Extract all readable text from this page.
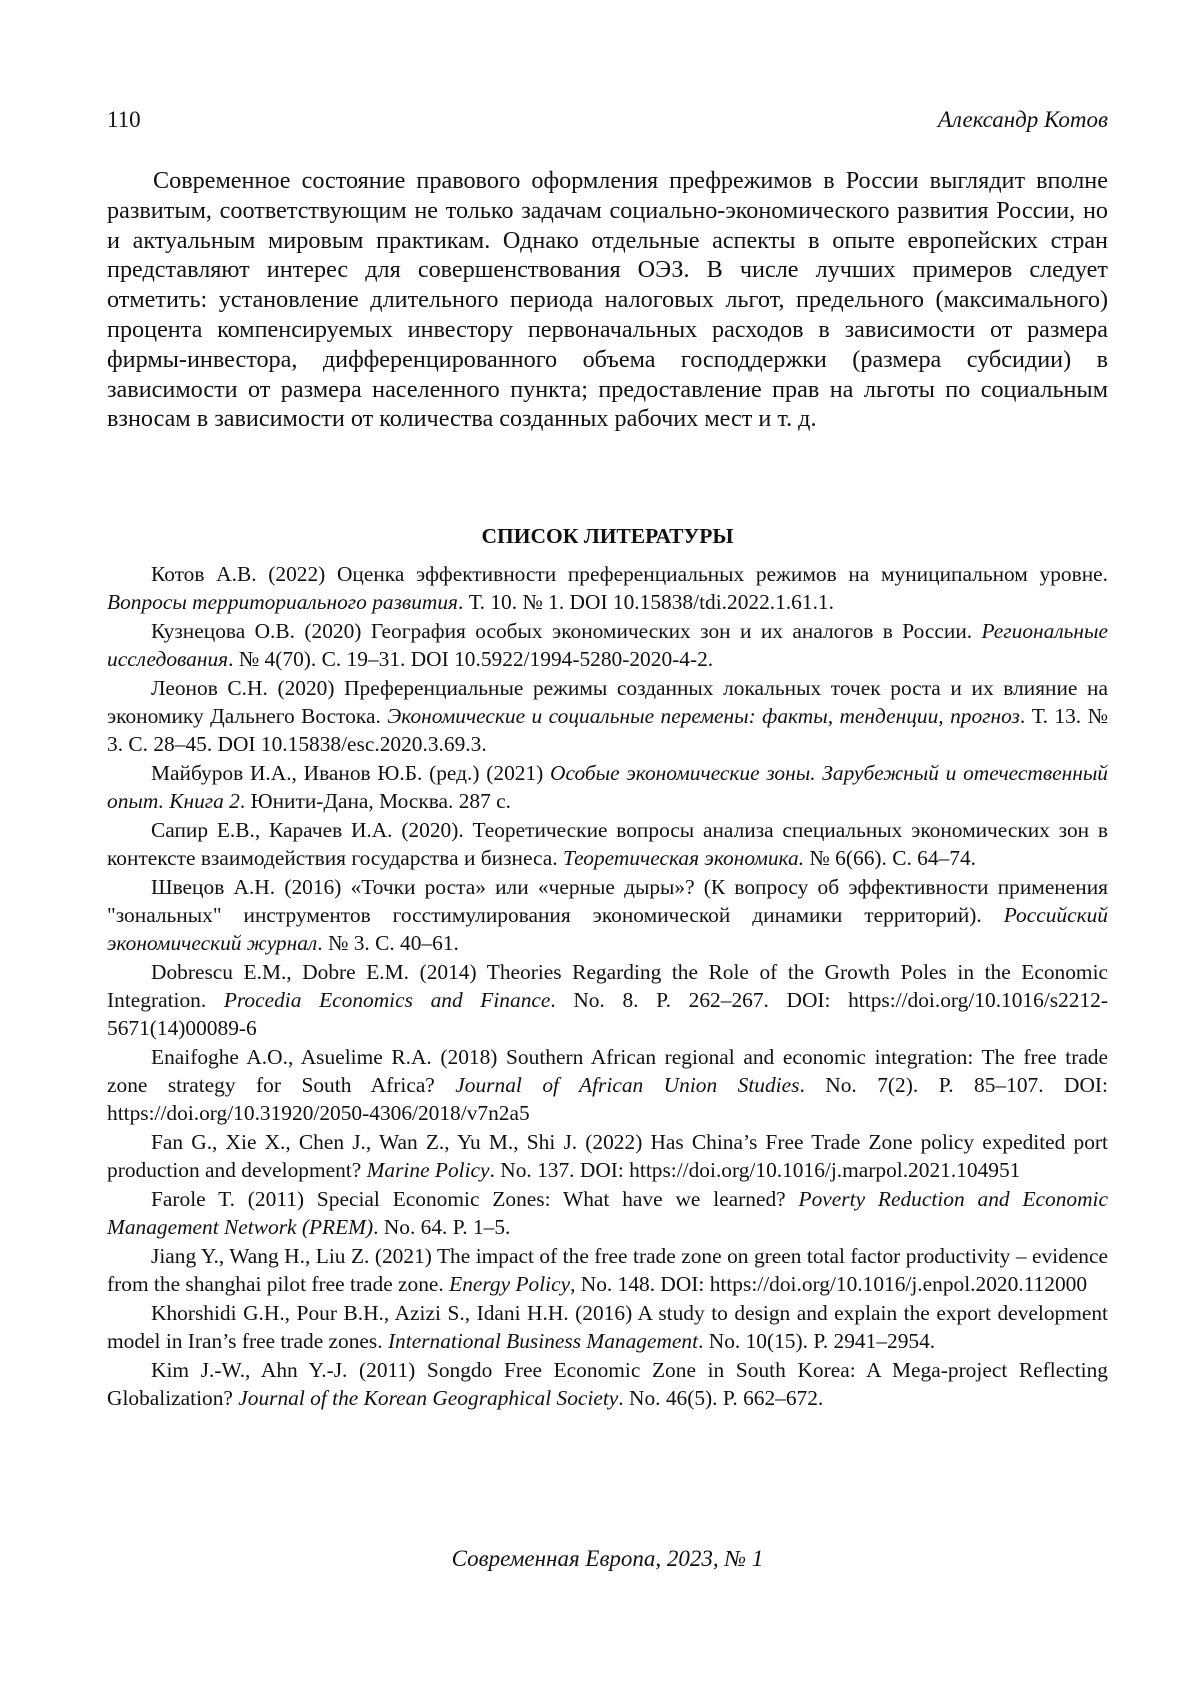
110	Александр Котов

Современное состояние правового оформления префрежимов в России выглядит вполне развитым, соответствующим не только задачам социально-экономического развития России, но и актуальным мировым практикам. Однако отдельные аспекты в опыте европейских стран представляют интерес для совершенствования ОЭЗ. В числе лучших примеров следует отметить: установление длительного периода налоговых льгот, предельного (максимального) процента компенсируемых инвестору первоначальных расходов в зависимости от размера фирмы-инвестора, дифференцированного объема господдержки (размера субсидии) в зависимости от размера населенного пункта; предоставление прав на льготы по социальным взносам в зависимости от количества созданных рабочих мест и т. д.

СПИСОК ЛИТЕРАТУРЫ
Котов А.В. (2022) Оценка эффективности преференциальных режимов на муниципальном уровне. Вопросы территориального развития. Т. 10. № 1. DOI 10.15838/tdi.2022.1.61.1.
Кузнецова О.В. (2020) География особых экономических зон и их аналогов в России. Региональные исследования. № 4(70). С. 19–31. DOI 10.5922/1994-5280-2020-4-2.
Леонов С.Н. (2020) Преференциальные режимы созданных локальных точек роста и их влияние на экономику Дальнего Востока. Экономические и социальные перемены: факты, тенденции, прогноз. Т. 13. № 3. С. 28–45. DOI 10.15838/esc.2020.3.69.3.
Майбуров И.А., Иванов Ю.Б. (ред.) (2021) Особые экономические зоны. Зарубежный и отечественный опыт. Книга 2. Юнити-Дана, Москва. 287 с.
Сапир Е.В., Карачев И.А. (2020). Теоретические вопросы анализа специальных экономических зон в контексте взаимодействия государства и бизнеса. Теоретическая экономика. № 6(66). С. 64–74.
Швецов А.Н. (2016) «Точки роста» или «черные дыры»? (К вопросу об эффективности применения "зональных" инструментов госстимулирования экономической динамики территорий). Российский экономический журнал. № 3. С. 40–61.
Dobrescu E.M., Dobre E.M. (2014) Theories Regarding the Role of the Growth Poles in the Economic Integration. Procedia Economics and Finance. No. 8. P. 262–267. DOI: https://doi.org/10.1016/s2212-5671(14)00089-6
Enaifoghe A.O., Asuelime R.A. (2018) Southern African regional and economic integration: The free trade zone strategy for South Africa? Journal of African Union Studies. No. 7(2). P. 85–107. DOI: https://doi.org/10.31920/2050-4306/2018/v7n2a5
Fan G., Xie X., Chen J., Wan Z., Yu M., Shi J. (2022) Has China’s Free Trade Zone policy expedited port production and development? Marine Policy. No. 137. DOI: https://doi.org/10.1016/j.marpol.2021.104951
Farole T. (2011) Special Economic Zones: What have we learned? Poverty Reduction and Economic Management Network (PREM). No. 64. P. 1–5.
Jiang Y., Wang H., Liu Z. (2021) The impact of the free trade zone on green total factor productivity – evidence from the shanghai pilot free trade zone. Energy Policy, No. 148. DOI: https://doi.org/10.1016/j.enpol.2020.112000
Khorshidi G.H., Pour B.H., Azizi S., Idani H.H. (2016) A study to design and explain the export development model in Iran’s free trade zones. International Business Management. No. 10(15). P. 2941–2954.
Kim J.-W., Ahn Y.-J. (2011) Songdo Free Economic Zone in South Korea: A Mega-project Reflecting Globalization? Journal of the Korean Geographical Society. No. 46(5). P. 662–672.
Современная Европа, 2023, № 1
